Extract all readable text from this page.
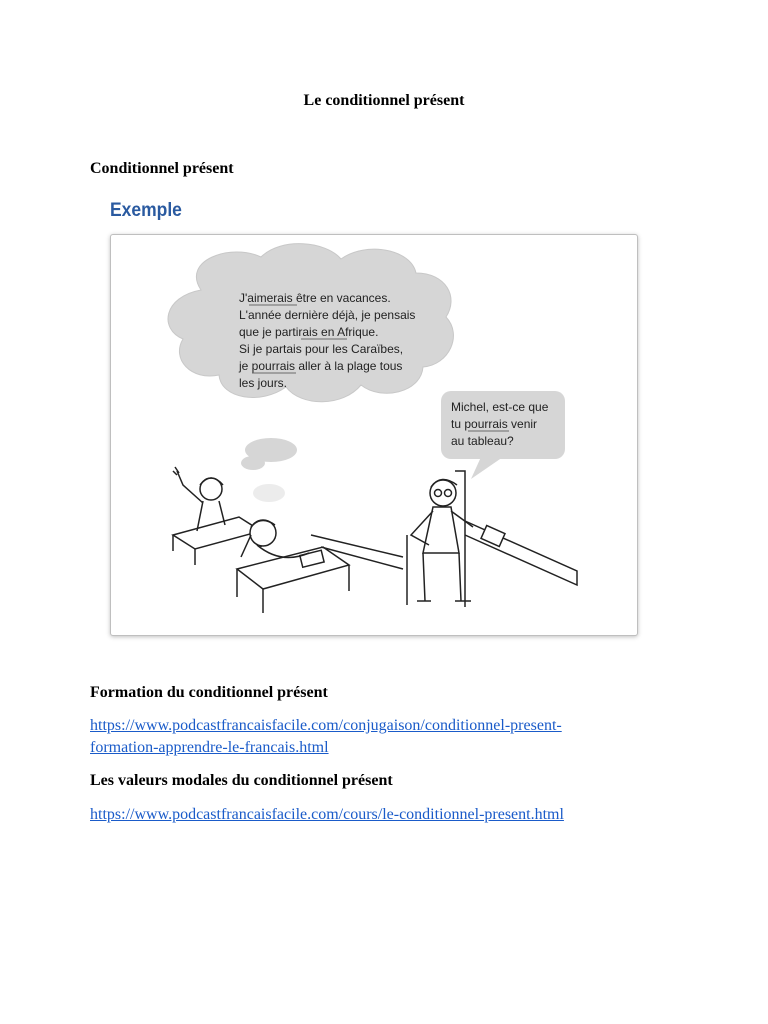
Le conditionnel présent
Conditionnel présent
Exemple
J'aimerais être en vacances.
L'année dernière déjà, je pensais
que je partirais en Afrique.
Si je partais pour les Caraïbes,
je pourrais aller à la plage tous
les jours.
Michel, est-ce que
tu pourrais venir
au tableau?
Formation du conditionnel présent
https://www.podcastfrancaisfacile.com/conjugaison/conditionnel-present-
formation-apprendre-le-francais.html
Les valeurs modales du conditionnel présent
https://www.podcastfrancaisfacile.com/cours/le-conditionnel-present.html
